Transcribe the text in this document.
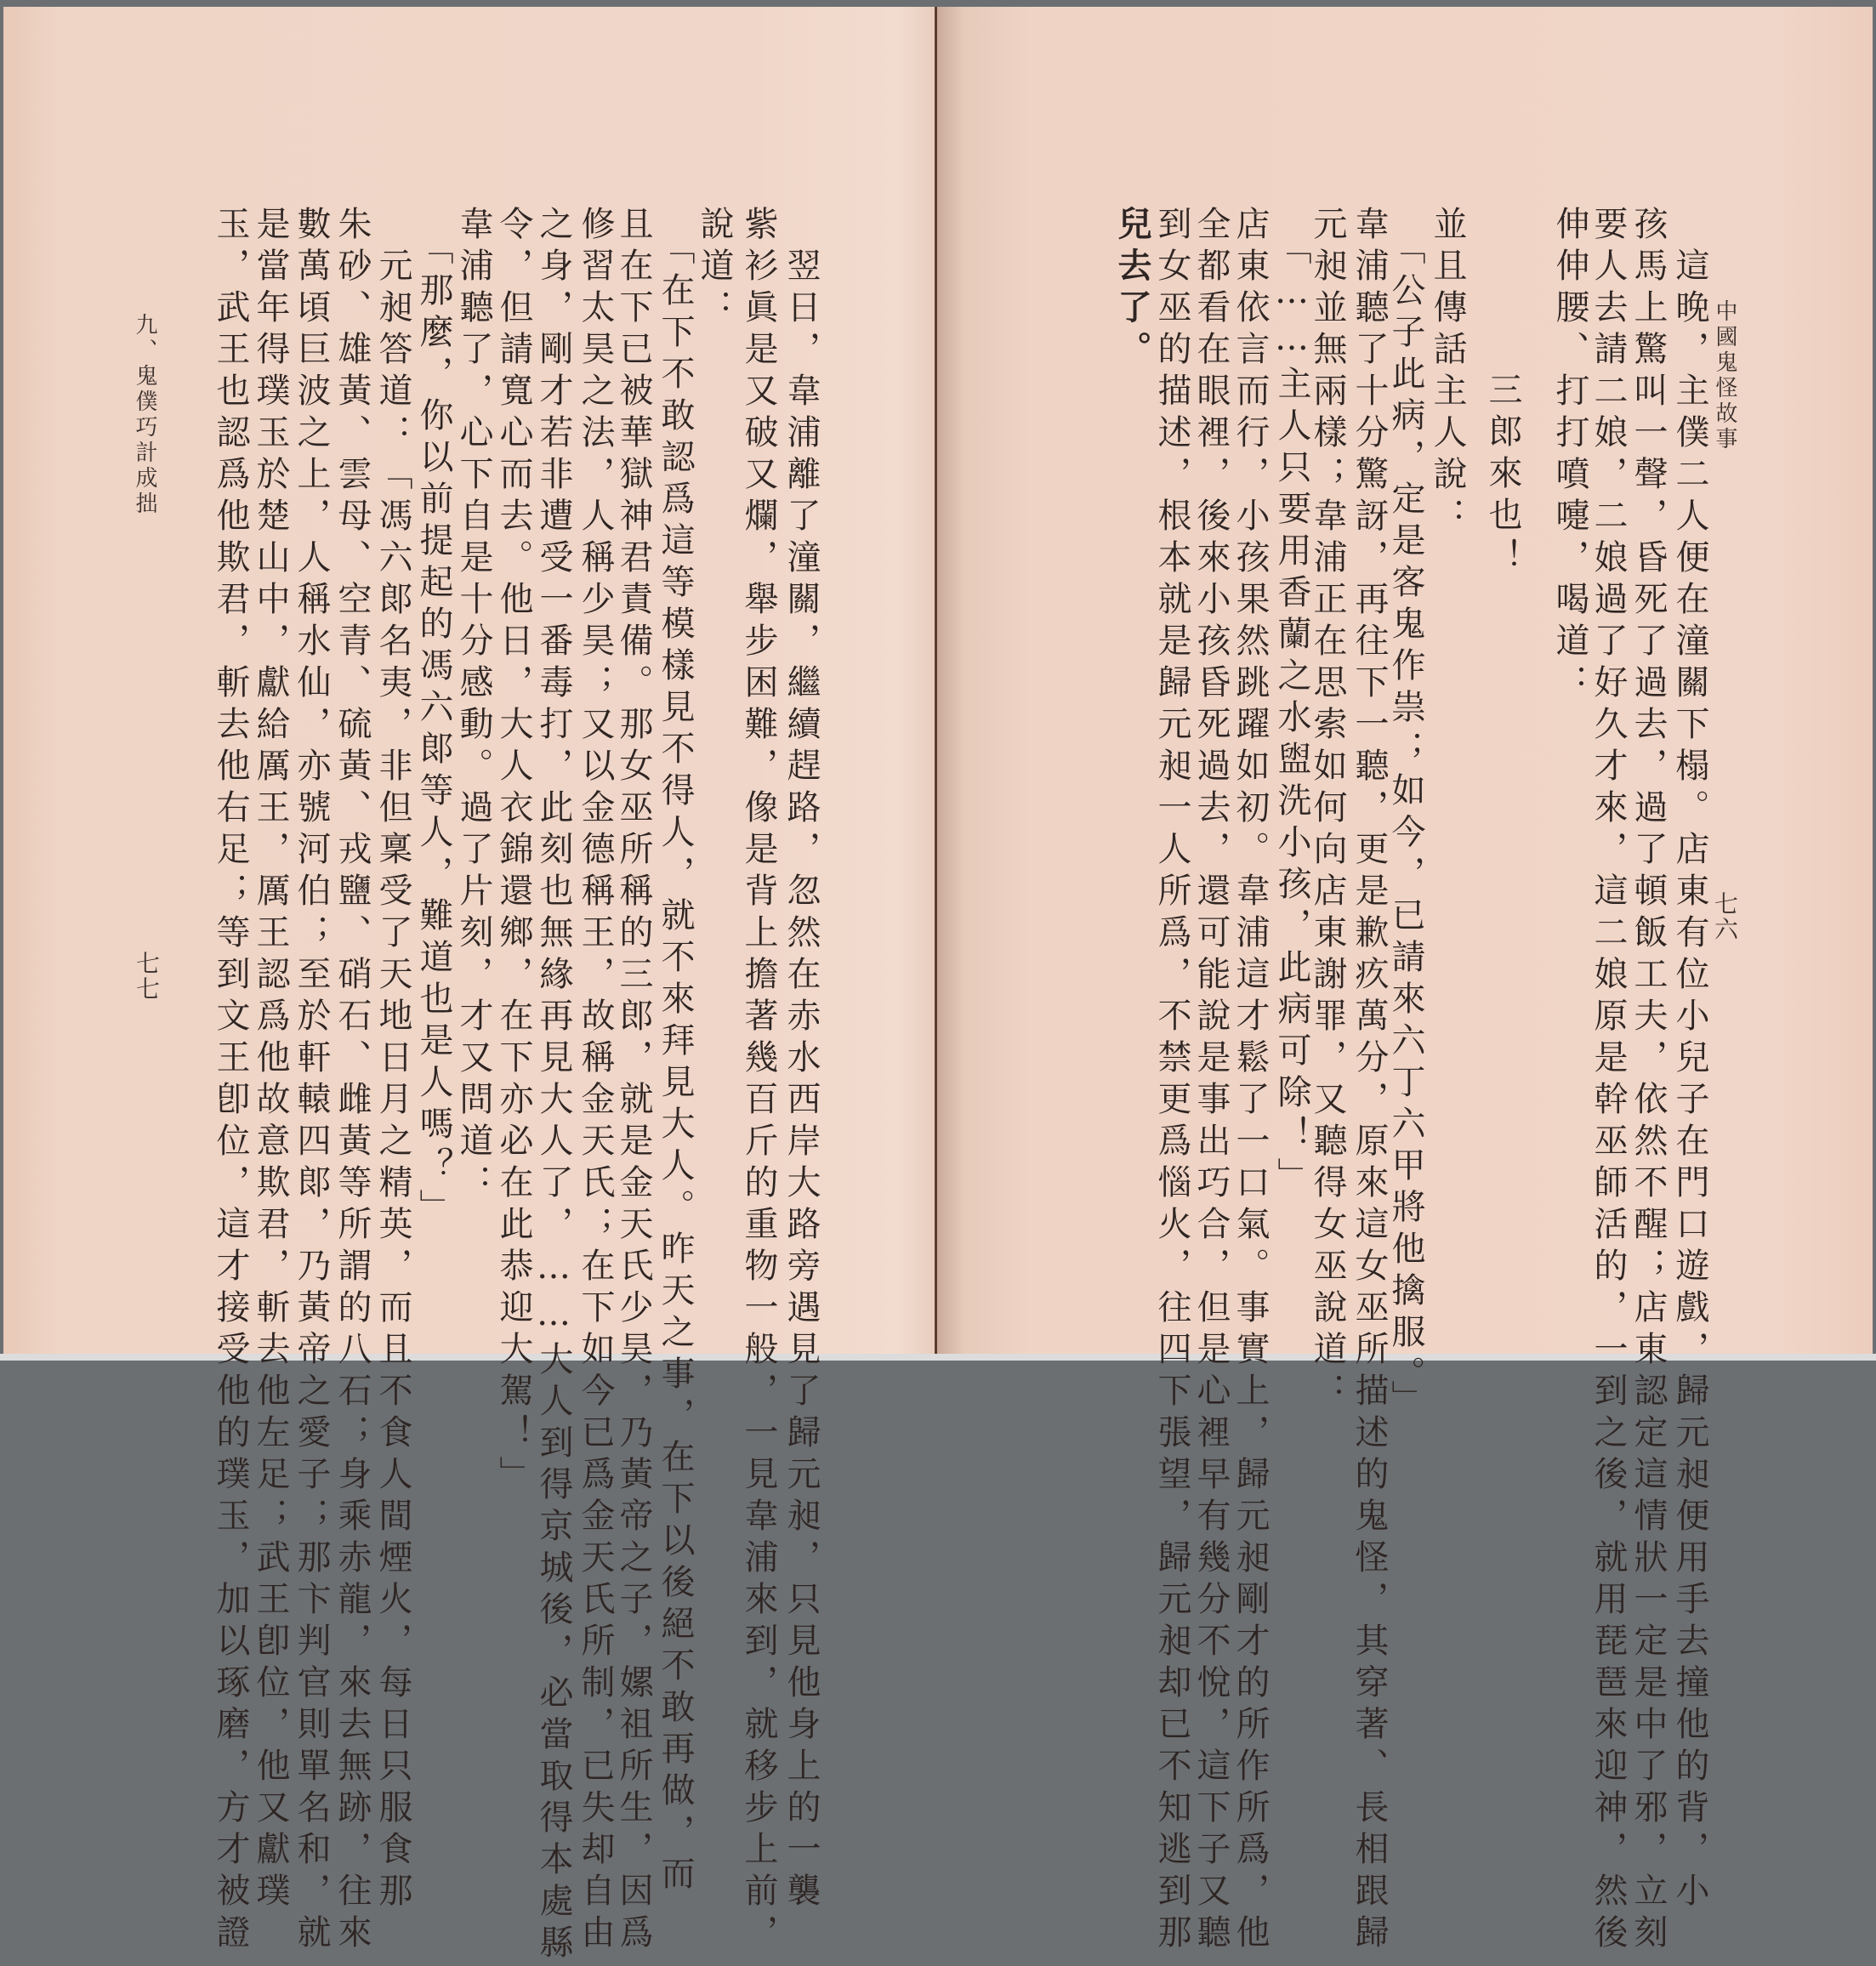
中國鬼怪故事
七六
　這晚，主僕二人便在潼關下榻。店東有位小兒子在門口遊戲，歸元昶便用手去撞他的背，小
孩馬上驚叫一聲，昏死了過去，過了頓飯工夫，依然不醒；店東認定這情狀一定是中了邪，立刻
要人去請二娘，二娘過了好久才來，這二娘原是幹巫師活的，一到之後，就用琵琶來迎神，然後
伸伸腰、打打噴嚏，喝道：
　　　三郎來也！
並且傳話主人說：
　「公子此病，定是客鬼作祟；如今，已請來六丁六甲將他擒服。」
韋浦聽了十分驚訝，再往下一聽，更是歉疚萬分，原來這女巫所描述的鬼怪，其穿著、長相跟歸
元昶並無兩樣；韋浦正在思索如何向店東謝罪，又聽得女巫說道：
　「……主人只要用香蘭之水盥洗小孩，此病可除！」
店東依言而行，小孩果然跳躍如初。韋浦這才鬆了一口氣。事實上，歸元昶剛才的所作所爲，他
全都看在眼裡，後來小孩昏死過去，還可能說是事出巧合，但是心裡早有幾分不悅，這下子又聽
到女巫的描述，根本就是歸元昶一人所爲，不禁更爲惱火，往四下張望，歸元昶却已不知逃到那
兒去了。
　翌日，韋浦離了潼關，繼續趕路，忽然在赤水西岸大路旁遇見了歸元昶，只見他身上的一襲
紫衫眞是又破又爛，舉步困難，像是背上擔著幾百斤的重物一般，一見韋浦來到，就移步上前，
說道：
　「在下不敢認爲這等模樣見不得人，就不來拜見大人。昨天之事，在下以後絕不敢再做，而
且在下已被華獄神君責備。那女巫所稱的三郎，就是金天氏少昊，乃黃帝之子，嫘祖所生，因爲
修習太昊之法，人稱少昊；又以金德稱王，故稱金天氏；在下如今已爲金天氏所制，已失却自由
之身，剛才若非遭受一番毒打，此刻也無緣再見大人了，……大人到得京城後，必當取得本處縣
令，但請寬心而去。他日，大人衣錦還鄉，在下亦必在此恭迎大駕！」
韋浦聽了，心下自是十分感動。過了片刻，才又問道：
　「那麼，你以前提起的馮六郞等人，難道也是人嗎？」
　元昶答道：「馮六郞名夷，非但稟受了天地日月之精英，而且不食人間煙火，每日只服食那
朱砂、雄黃、雲母、空青、硫黃、戎鹽、硝石、雌黃等所謂的八石；身乘赤龍，來去無跡，往來
數萬頃巨波之上，人稱水仙，亦號河伯；至於軒轅四郞，乃黃帝之愛子；那卞判官則單名和，就
是當年得璞玉於楚山中，獻給厲王，厲王認爲他故意欺君，斬去他左足；武王卽位，他又獻璞
玉，武王也認爲他欺君，斬去他右足；等到文王卽位，這才接受他的璞玉，加以琢磨，方才被證
九、鬼僕巧計成拙
七七
